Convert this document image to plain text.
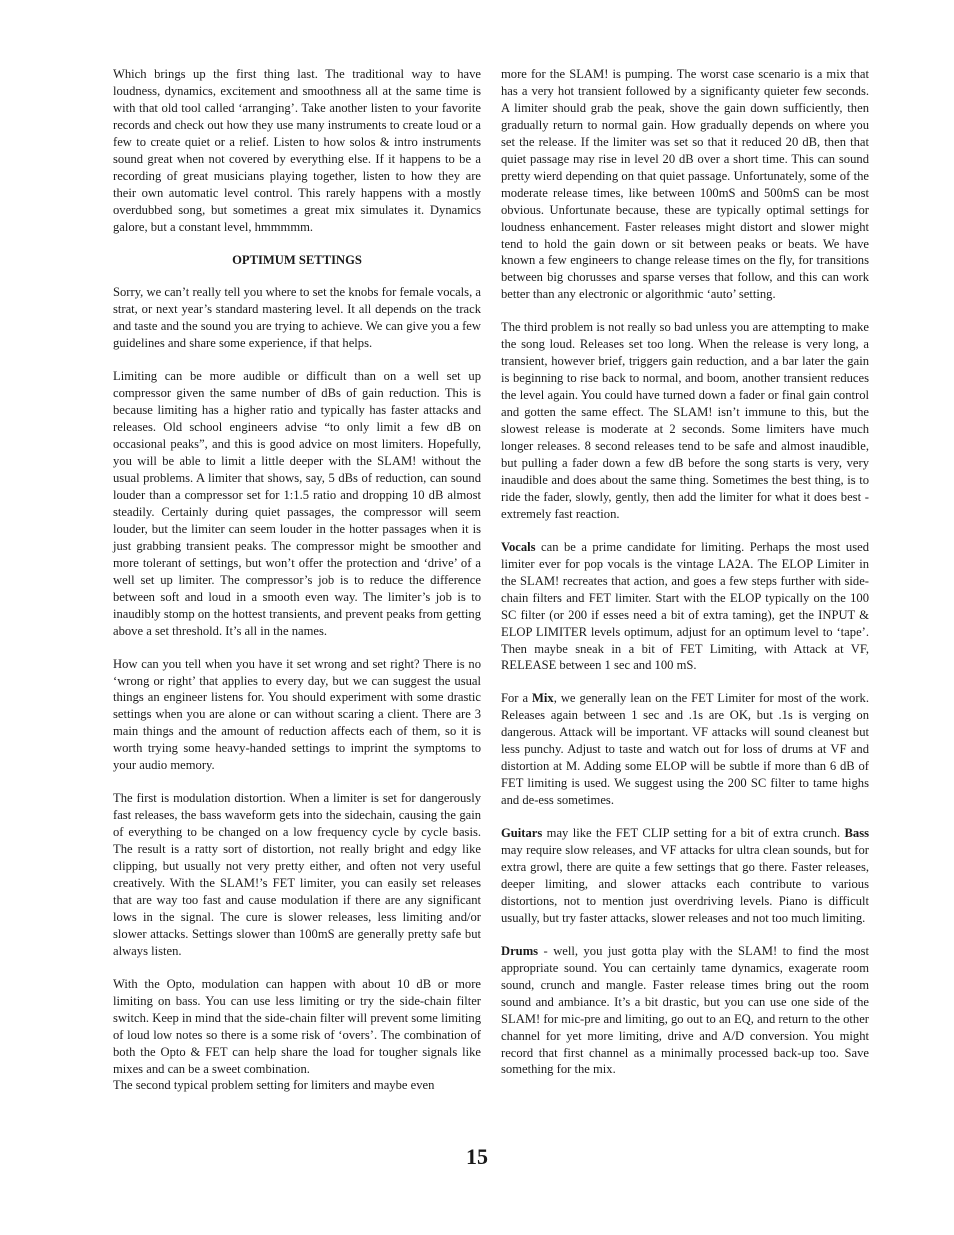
Which brings up the first thing last. The traditional way to have loudness, dynamics, excitement and smoothness all at the same time is with that old tool called ‘arranging’. Take another listen to your favorite records and check out how they use many instruments to create loud or a few to create quiet or a relief. Listen to how solos & intro instruments sound great when not covered by everything else. If it happens to be a recording of great musicians playing together, listen to how they are their own automatic level control. This rarely happens with a mostly overdubbed song, but sometimes a great mix simulates it. Dynamics galore, but a constant level, hmmmmm.

OPTIMUM SETTINGS

Sorry, we can’t really tell you where to set the knobs for female vocals, a strat, or next year’s standard mastering level. It all depends on the track and taste and the sound you are trying to achieve. We can give you a few guidelines and share some experience, if that helps.

Limiting can be more audible or difficult than on a well set up compressor given the same number of dBs of gain reduction. This is because limiting has a higher ratio and typically has faster attacks and releases. Old school engineers advise “to only limit a few dB on occasional peaks”, and this is good advice on most limiters. Hopefully, you will be able to limit a little deeper with the SLAM! without the usual problems. A limiter that shows, say, 5 dBs of reduction, can sound louder than a compressor set for 1:1.5 ratio and dropping 10 dB almost steadily. Certainly during quiet passages, the compressor will seem louder, but the limiter can seem louder in the hotter passages when it is just grabbing transient peaks. The compressor might be smoother and more tolerant of settings, but won’t offer the protection and ‘drive’ of a well set up limiter. The compressor’s job is to reduce the difference between soft and loud in a smooth even way. The limiter’s job is to inaudibly stomp on the hottest transients, and prevent peaks from getting above a set threshold. It’s all in the names.

How can you tell when you have it set wrong and set right? There is no ‘wrong or right’ that applies to every day, but we can suggest the usual things an engineer listens for. You should experiment with some drastic settings when you are alone or can without scaring a client. There are 3 main things and the amount of reduction affects each of them, so it is worth trying some heavy-handed settings to imprint the symptoms to your audio memory.

The first is modulation distortion. When a limiter is set for dangerously fast releases, the bass waveform gets into the sidechain, causing the gain of everything to be changed on a low frequency cycle by cycle basis. The result is a ratty sort of distortion, not really bright and edgy like clipping, but usually not very pretty either, and often not very useful creatively. With the SLAM!’s FET limiter, you can easily set releases that are way too fast and cause modulation if there are any significant lows in the signal. The cure is slower releases, less limiting and/or slower attacks. Settings slower than 100mS are generally pretty safe but always listen.

With the Opto, modulation can happen with about 10 dB or more limiting on bass. You can use less limiting or try the side-chain filter switch. Keep in mind that the side-chain filter will prevent some limiting of loud low notes so there is a some risk of ‘overs’. The combination of both the Opto & FET can help share the load for tougher signals like mixes and can be a sweet combination.

The second typical problem setting for limiters and maybe even

more for the SLAM! is pumping. The worst case scenario is a mix that has a very hot transient followed by a significanty quieter few seconds. A limiter should grab the peak, shove the gain down sufficiently, then gradually return to normal gain. How gradually depends on where you set the release. If the limiter was set so that it reduced 20 dB, then that quiet passage may rise in level 20 dB over a short time. This can sound pretty wierd depending on that quiet passage. Unfortunately, some of the moderate release times, like between 100mS and 500mS can be most obvious. Unfortunate because, these are typically optimal settings for loudness enhancement. Faster releases might distort and slower might tend to hold the gain down or sit between peaks or beats. We have known a few engineers to change release times on the fly, for transitions between big chorusses and sparse verses that follow, and this can work better than any electronic or algorithmic ‘auto’ setting.

The third problem is not really so bad unless you are attempting to make the song loud. Releases set too long. When the release is very long, a transient, however brief, triggers gain reduction, and a bar later the gain is beginning to rise back to normal, and boom, another transient reduces the level again. You could have turned down a fader or final gain control and gotten the same effect. The SLAM! isn’t immune to this, but the slowest release is moderate at 2 seconds. Some limiters have much longer releases. 8 second releases tend to be safe and almost inaudible, but pulling a fader down a few dB before the song starts is very, very inaudible and does about the same thing. Sometimes the best thing, is to ride the fader, slowly, gently, then add the limiter for what it does best - extremely fast reaction.

Vocals can be a prime candidate for limiting. Perhaps the most used limiter ever for pop vocals is the vintage LA2A. The ELOP Limiter in the SLAM! recreates that action, and goes a few steps further with side-chain filters and FET limiter. Start with the ELOP typically on the 100 SC filter (or 200 if esses need a bit of extra taming), get the INPUT & ELOP LIMITER levels optimum, adjust for an optimum level to ‘tape’. Then maybe sneak in a bit of FET Limiting, with Attack at VF, RELEASE between 1 sec and 100 mS.

For a Mix, we generally lean on the FET Limiter for most of the work. Releases again between 1 sec and .1s are OK, but .1s is verging on dangerous. Attack will be important. VF attacks will sound cleanest but less punchy. Adjust to taste and watch out for loss of drums at VF and distortion at M. Adding some ELOP will be subtle if more than 6 dB of FET limiting is used. We suggest using the 200 SC filter to tame highs and de-ess sometimes.

Guitars may like the FET CLIP setting for a bit of extra crunch. Bass may require slow releases, and VF attacks for ultra clean sounds, but for extra growl, there are quite a few settings that go there. Faster releases, deeper limiting, and slower attacks each contribute to various distortions, not to mention just overdriving levels. Piano is difficult usually, but try faster attacks, slower releases and not too much limiting.

Drums - well, you just gotta play with the SLAM! to find the most appropriate sound. You can certainly tame dynamics, exagerate room sound, crunch and mangle. Faster release times bring out the room sound and ambiance. It’s a bit drastic, but you can use one side of the SLAM! for mic-pre and limiting, go out to an EQ, and return to the other channel for yet more limiting, drive and A/D conversion. You might record that first channel as a minimally processed back-up too. Save something for the mix.

15
